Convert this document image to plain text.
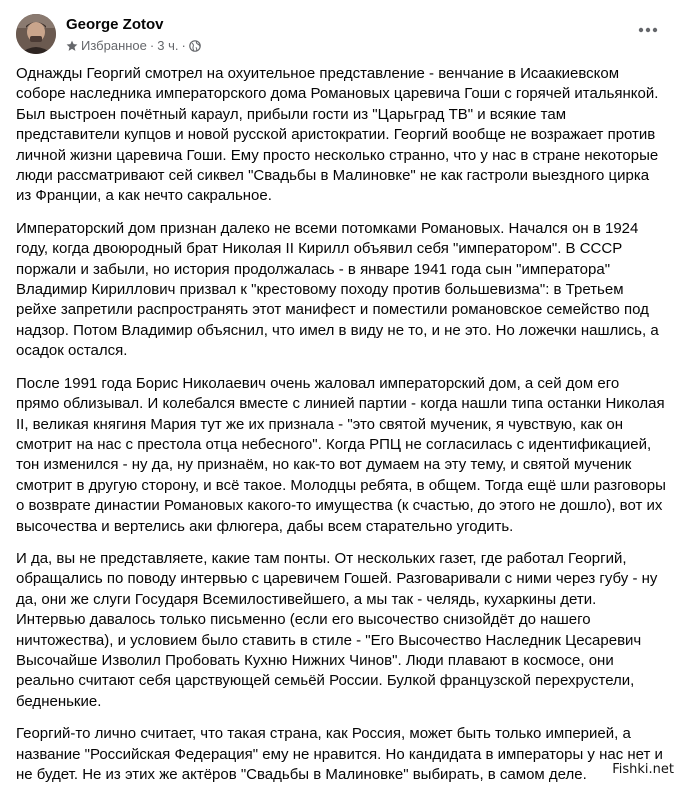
George Zotov
Избранное · 3 ч. ·

Однажды Георгий смотрел на охуительное представление - венчание в Исаакиевском соборе наследника императорского дома Романовых царевича Гоши с горячей итальянкой. Был выстроен почётный караул, прибыли гости из "Царьград ТВ" и всякие там представители купцов и новой русской аристократии. Георгий вообще не возражает против личной жизни царевича Гоши. Ему просто несколько странно, что у нас в стране некоторые люди рассматривают сей сиквел "Свадьбы в Малиновке" не как гастроли выездного цирка из Франции, а как нечто сакральное.

Императорский дом признан далеко не всеми потомками Романовых. Начался он в 1924 году, когда двоюродный брат Николая II Кирилл объявил себя "императором". В СССР поржали и забыли, но история продолжалась - в январе 1941 года сын "императора" Владимир Кириллович призвал к "крестовому походу против большевизма": в Третьем рейхе запретили распространять этот манифест и поместили романовское семейство под надзор. Потом Владимир объяснил, что имел в виду не то, и не это. Но ложечки нашлись, а осадок остался.

После 1991 года Борис Николаевич очень жаловал императорский дом, а сей дом его прямо облизывал. И колебался вместе с линией партии - когда нашли типа останки Николая II, великая княгиня Мария тут же их признала - "это святой мученик, я чувствую, как он смотрит на нас с престола отца небесного". Когда РПЦ не согласилась с идентификацией, тон изменился - ну да, ну признаём, но как-то вот думаем на эту тему, и святой мученик смотрит в другую сторону, и всё такое. Молодцы ребята, в общем. Тогда ещё шли разговоры о возврате династии Романовых какого-то имущества (к счастью, до этого не дошло), вот их высочества и вертелись аки флюгера, дабы всем старательно угодить.

И да, вы не представляете, какие там понты. От нескольких газет, где работал Георгий, обращались по поводу интервью с царевичем Гошей. Разговаривали с ними через губу - ну да, они же слуги Государя Всемилостивейшего, а мы так - челядь, кухаркины дети. Интервью давалось только письменно (если его высочество снизойдёт до нашего ничтожества), и условием было ставить в стиле - "Его Высочество Наследник Цесаревич Высочайше Изволил Пробовать Кухню Нижних Чинов". Люди плавают в космосе, они реально считают себя царствующей семьёй России. Булкой французской перехрустели, бедненькие.

Георгий-то лично считает, что такая страна, как Россия, может быть только империей, а название "Российская Федерация" ему не нравится. Но кандидата в императоры у нас нет и не будет. Не из этих же актёров "Свадьбы в Малиновке" выбирать, в самом деле.	Fishki.net
